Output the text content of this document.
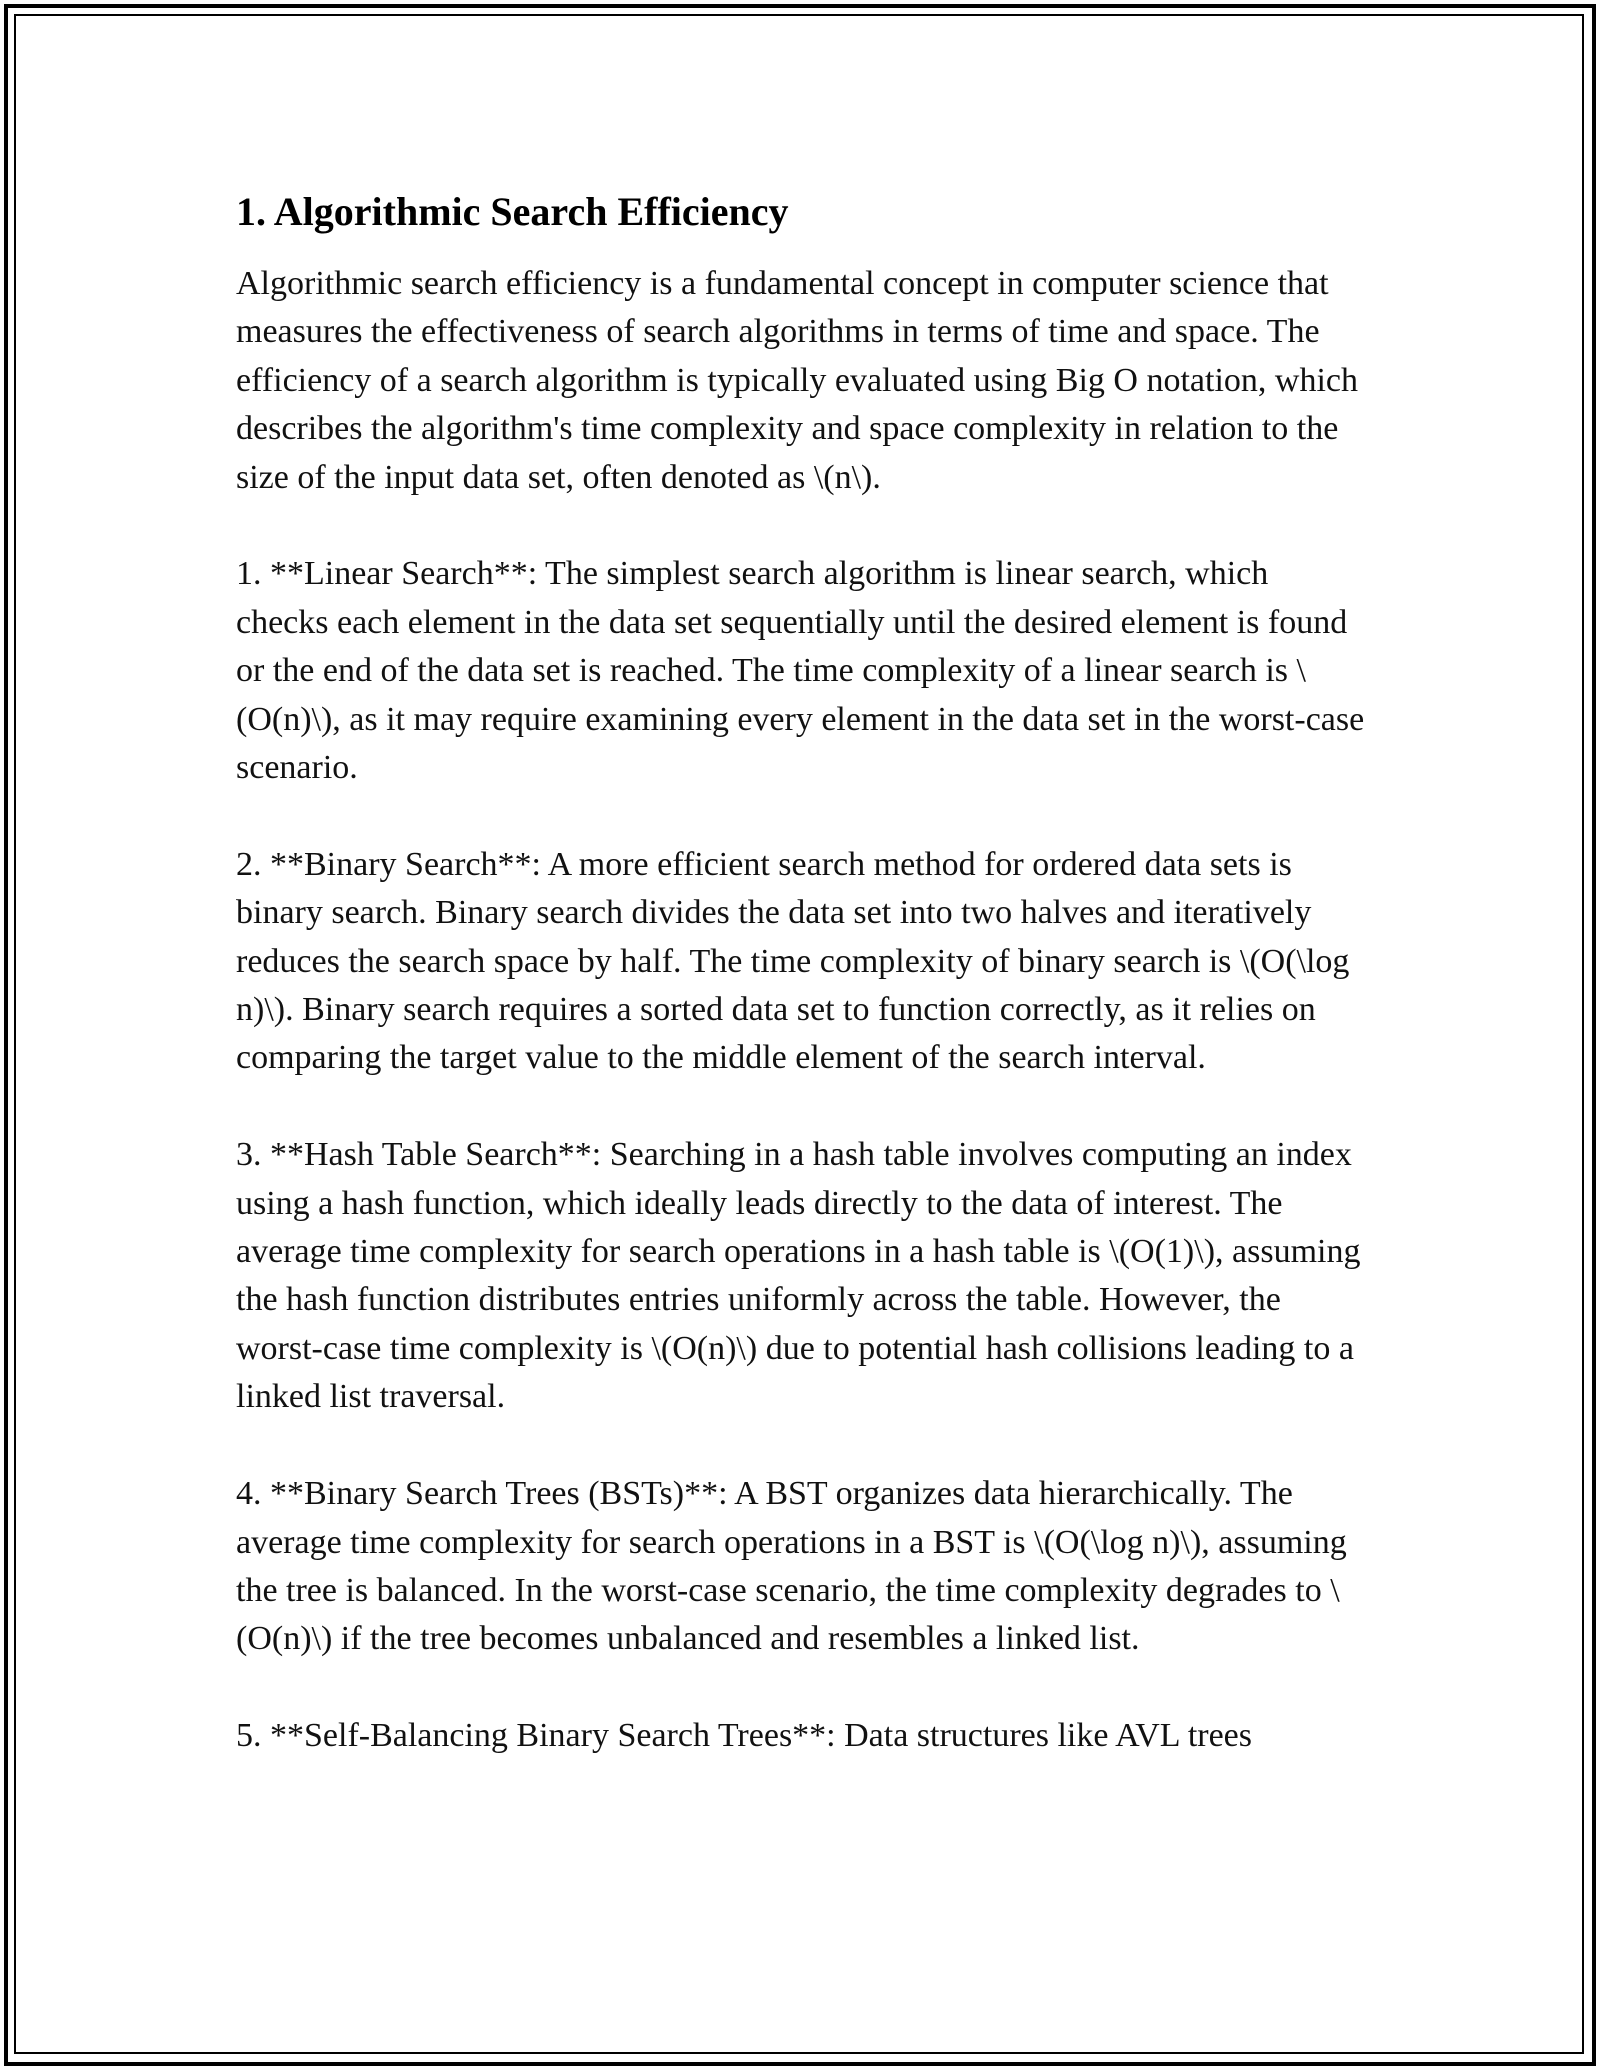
1. Algorithmic Search Efficiency

Algorithmic search efficiency is a fundamental concept in computer science that measures the effectiveness of search algorithms in terms of time and space. The efficiency of a search algorithm is typically evaluated using Big O notation, which describes the algorithm's time complexity and space complexity in relation to the size of the input data set, often denoted as \(n\).

1. **Linear Search**: The simplest search algorithm is linear search, which checks each element in the data set sequentially until the desired element is found or the end of the data set is reached. The time complexity of a linear search is \(O(n)\), as it may require examining every element in the data set in the worst-case scenario.

2. **Binary Search**: A more efficient search method for ordered data sets is binary search. Binary search divides the data set into two halves and iteratively reduces the search space by half. The time complexity of binary search is \(O(\log n)\). Binary search requires a sorted data set to function correctly, as it relies on comparing the target value to the middle element of the search interval.

3. **Hash Table Search**: Searching in a hash table involves computing an index using a hash function, which ideally leads directly to the data of interest. The average time complexity for search operations in a hash table is \(O(1)\), assuming the hash function distributes entries uniformly across the table. However, the worst-case time complexity is \(O(n)\) due to potential hash collisions leading to a linked list traversal.

4. **Binary Search Trees (BSTs)**: A BST organizes data hierarchically. The average time complexity for search operations in a BST is \(O(\log n)\), assuming the tree is balanced. In the worst-case scenario, the time complexity degrades to \(O(n)\) if the tree becomes unbalanced and resembles a linked list.

5. **Self-Balancing Binary Search Trees**: Data structures like AVL trees
